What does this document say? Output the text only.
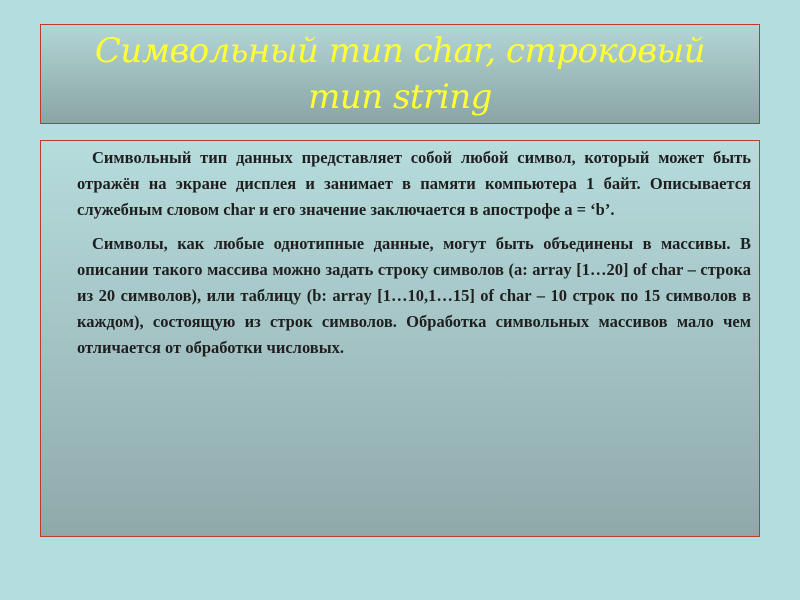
Символьный тип char, строковый тип string

Символьный тип данных представляет собой любой символ, который может быть отражён на экране дисплея и занимает в памяти компьютера 1 байт. Описывается служебным словом char и его значение заключается в апострофе a = ‘b’.

Символы, как любые однотипные данные, могут быть объединены в массивы. В описании такого массива можно задать строку символов (a: array [1…20] of char – строка из 20 символов), или таблицу (b: array [1…10,1…15] of char – 10 строк по 15 символов в каждом), состоящую из строк символов. Обработка символьных массивов мало чем отличается от обработки числовых.
